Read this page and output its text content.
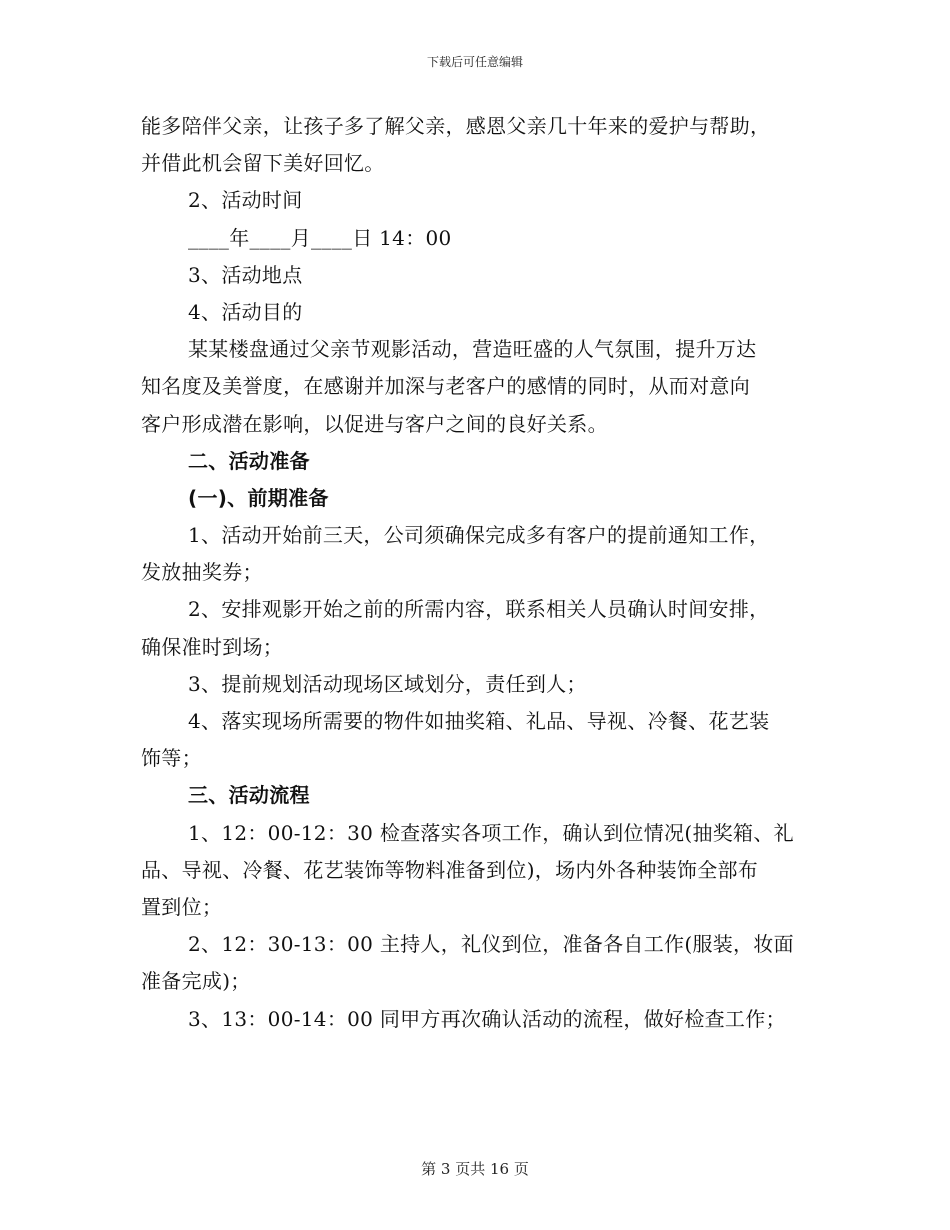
下载后可任意编辑
能多陪伴父亲，让孩子多了解父亲，感恩父亲几十年来的爱护与帮助，
并借此机会留下美好回忆。
2、活动时间
____年____月____日 14：00
3、活动地点
4、活动目的
某某楼盘通过父亲节观影活动，营造旺盛的人气氛围，提升万达
知名度及美誉度，在感谢并加深与老客户的感情的同时，从而对意向
客户形成潜在影响，以促进与客户之间的良好关系。
二、活动准备
(一)、前期准备
1、活动开始前三天，公司须确保完成多有客户的提前通知工作，
发放抽奖券；
2、安排观影开始之前的所需内容，联系相关人员确认时间安排，
确保准时到场；
3、提前规划活动现场区域划分，责任到人；
4、落实现场所需要的物件如抽奖箱、礼品、导视、冷餐、花艺装
饰等；
三、活动流程
1、12：00-12：30 检查落实各项工作，确认到位情况(抽奖箱、礼
品、导视、冷餐、花艺装饰等物料准备到位)，场内外各种装饰全部布
置到位；
2、12：30-13：00 主持人，礼仪到位，准备各自工作(服装，妆面
准备完成)；
3、13：00-14：00 同甲方再次确认活动的流程，做好检查工作；
第 3 页共 16 页
